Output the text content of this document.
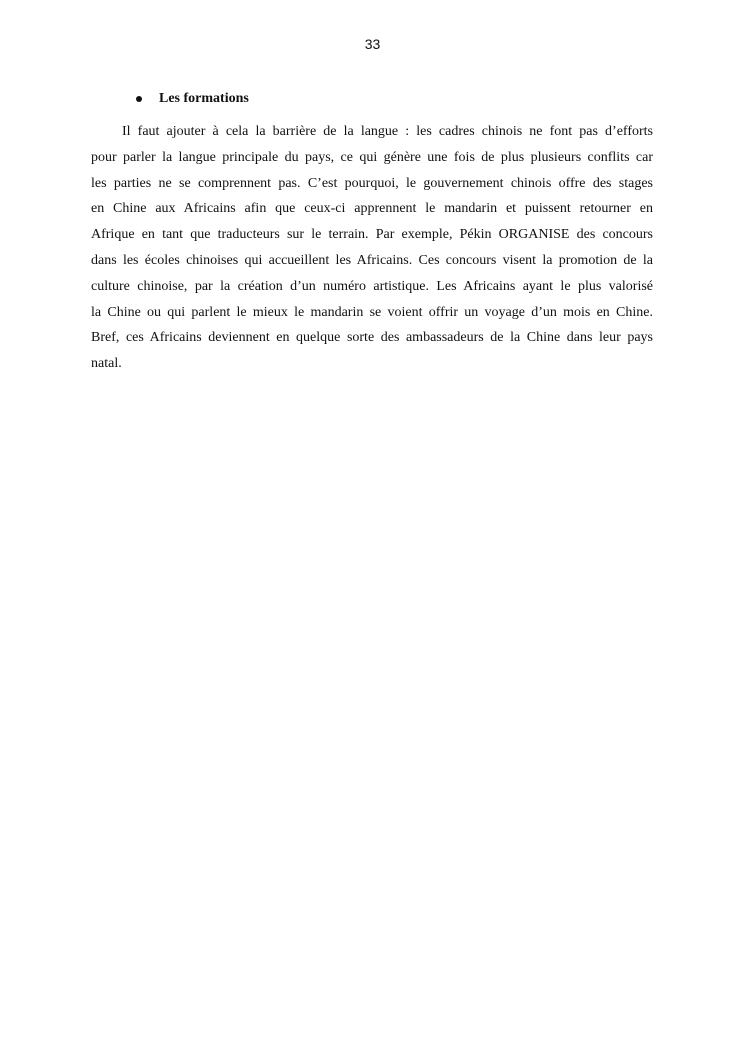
33
Les formations
Il faut ajouter à cela la barrière de la langue : les cadres chinois ne font pas d’efforts
pour parler la langue principale du pays, ce qui génère une fois de plus plusieurs conflits car
les parties ne se comprennent pas. C’est pourquoi, le gouvernement chinois offre des stages
en Chine aux Africains afin que ceux-ci apprennent le mandarin et puissent retourner en
Afrique en tant que traducteurs sur le terrain. Par exemple, Pékin ORGANISE des concours
dans les écoles chinoises qui accueillent les Africains. Ces concours visent la promotion de la
culture chinoise, par la création d’un numéro artistique. Les Africains ayant le plus valorisé
la Chine ou qui parlent le mieux le mandarin se voient offrir un voyage d’un mois en Chine.
Bref, ces Africains deviennent en quelque sorte des ambassadeurs de la Chine dans leur pays
natal.
